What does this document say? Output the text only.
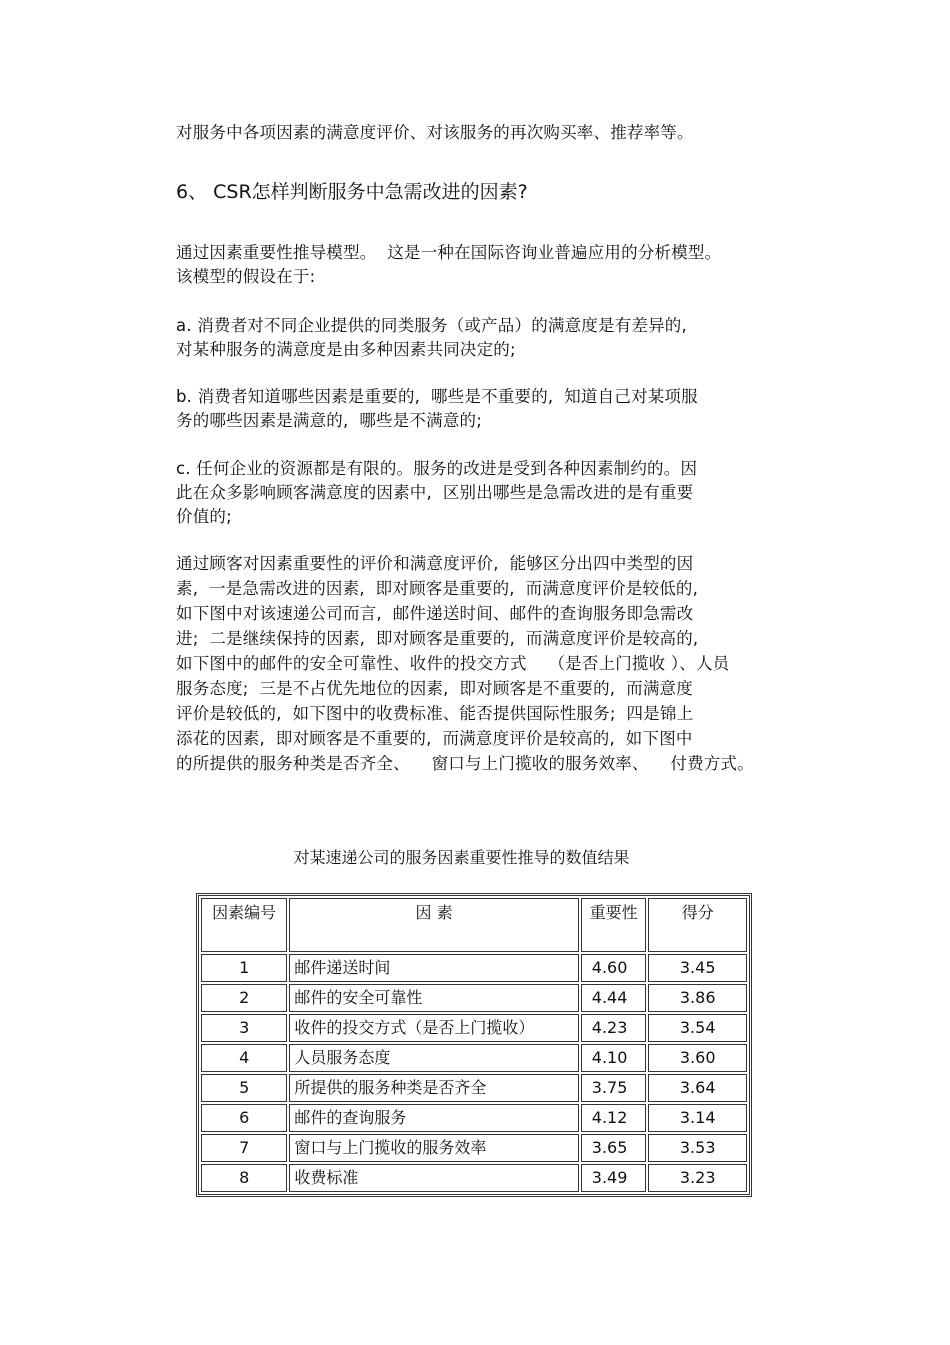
对服务中各项因素的满意度评价、对该服务的再次购买率、推荐率等。
6、 CSR怎样判断服务中急需改进的因素?
通过因素重要性推导模型。  这是一种在国际咨询业普遍应用的分析模型。
该模型的假设在于:
a. 消费者对不同企业提供的同类服务（或产品）的满意度是有差异的,
对某种服务的满意度是由多种因素共同决定的;
b. 消费者知道哪些因素是重要的,  哪些是不重要的,  知道自己对某项服
务的哪些因素是满意的,  哪些是不满意的;
c. 任何企业的资源都是有限的。服务的改进是受到各种因素制约的。因
此在众多影响顾客满意度的因素中,  区别出哪些是急需改进的是有重要
价值的;
通过顾客对因素重要性的评价和满意度评价,  能够区分出四中类型的因
素,  一是急需改进的因素,  即对顾客是重要的,  而满意度评价是较低的,
如下图中对该速递公司而言,  邮件递送时间、邮件的查询服务即急需改
进;  二是继续保持的因素,  即对顾客是重要的,  而满意度评价是较高的,
如下图中的邮件的安全可靠性、收件的投交方式    （是否上门揽收 ）、人员
服务态度;  三是不占优先地位的因素,  即对顾客是不重要的,  而满意度
评价是较低的,  如下图中的收费标准、能否提供国际性服务;  四是锦上
添花的因素,  即对顾客是不重要的,  而满意度评价是较高的,  如下图中
的所提供的服务种类是否齐全、    窗口与上门揽收的服务效率、    付费方式。
对某速递公司的服务因素重要性推导的数值结果
因素编号	因 素	重要性	得分
1	邮件递送时间	4.60	3.45
2	邮件的安全可靠性	4.44	3.86
3	收件的投交方式（是否上门揽收）	4.23	3.54
4	人员服务态度	4.10	3.60
5	所提供的服务种类是否齐全	3.75	3.64
6	邮件的查询服务	4.12	3.14
7	窗口与上门揽收的服务效率	3.65	3.53
8	收费标准	3.49	3.23
